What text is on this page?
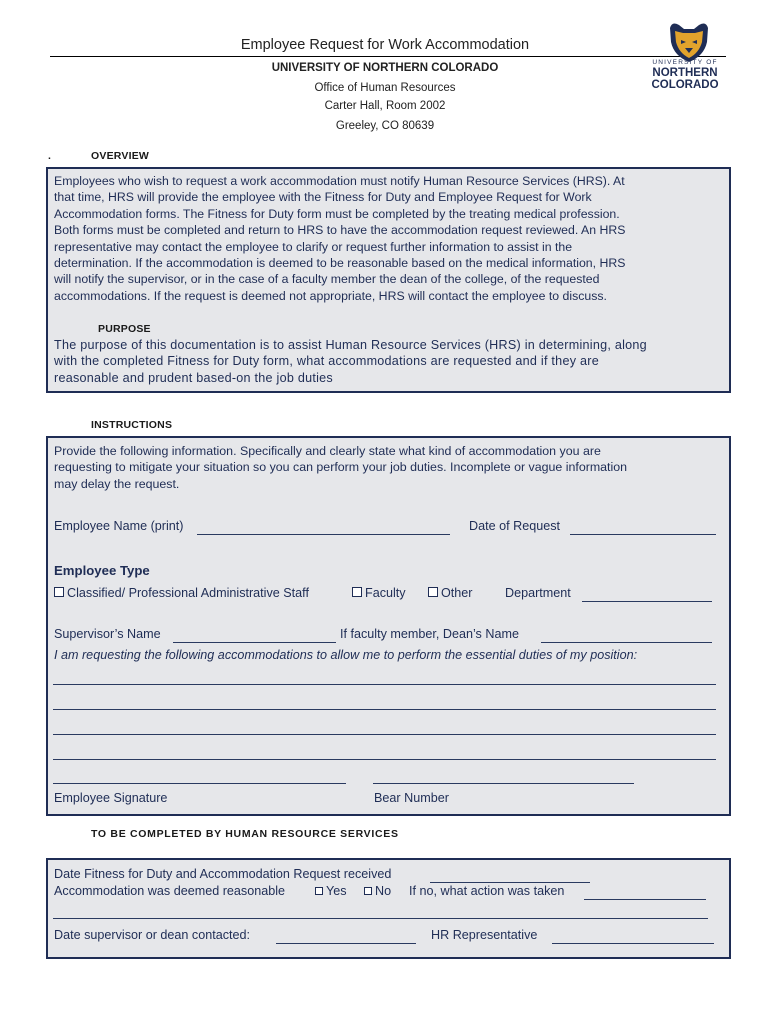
Employee Request for Work Accommodation
UNIVERSITY OF NORTHERN COLORADO
Office of Human Resources
Carter Hall, Room 2002
Greeley, CO 80639
UNIVERSITY OF
NORTHERN
COLORADO
.	OVERVIEW
Employees who wish to request a work accommodation must notify Human Resource Services (HRS). At
that time, HRS will provide the employee with the Fitness for Duty and Employee Request for Work
Accommodation forms. The Fitness for Duty form must be completed by the treating medical profession.
Both forms must be completed and return to HRS to have the accommodation request reviewed. An HRS
representative may contact the employee to clarify or request further information to assist in the
determination. If the accommodation is deemed to be reasonable based on the medical information, HRS
will notify the supervisor, or in the case of a faculty member the dean of the college, of the requested
accommodations. If the request is deemed not appropriate, HRS will contact the employee to discuss.
PURPOSE
The purpose of this documentation is to assist Human Resource Services (HRS) in determining, along
with the completed Fitness for Duty form, what accommodations are requested and if they are
reasonable and prudent based-on the job duties
INSTRUCTIONS
Provide the following information. Specifically and clearly state what kind of accommodation you are
requesting to mitigate your situation so you can perform your job duties. Incomplete or vague information
may delay the request.
Employee Name (print)	Date of Request
Employee Type
Classified/ Professional Administrative Staff	Faculty	Other	Department
Supervisor’s Name	If faculty member, Dean’s Name
I am requesting the following accommodations to allow me to perform the essential duties of my position:
Employee Signature	Bear Number
TO BE COMPLETED BY HUMAN RESOURCE SERVICES
Date Fitness for Duty and Accommodation Request received
Accommodation was deemed reasonable	Yes	No If no, what action was taken
Date supervisor or dean contacted:	HR Representative
